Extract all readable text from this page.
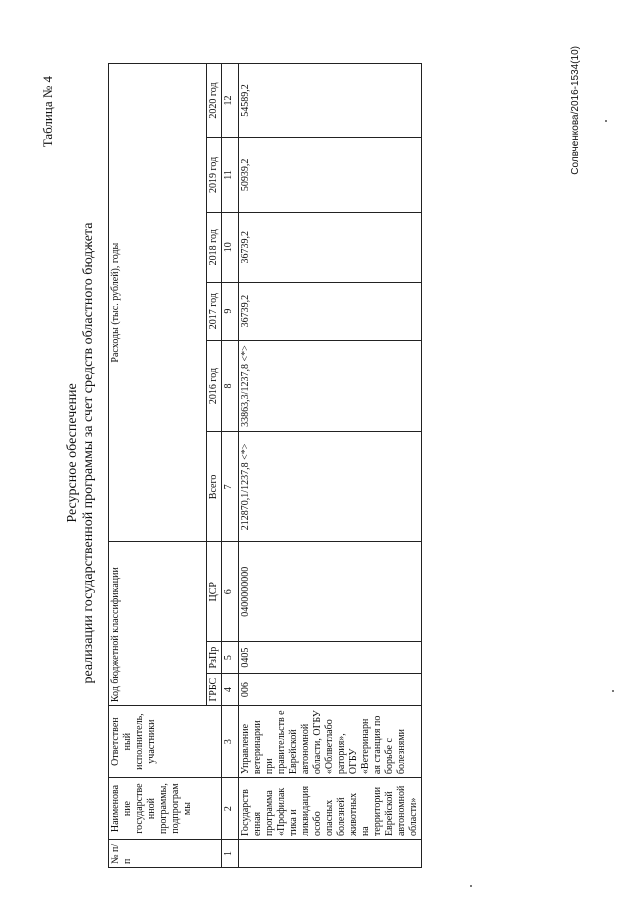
Таблица № 4
Ресурсное обеспечение реализации государственной программы за счет средств областного бюджета
№ п/п	Наименова ние государстве нной программы, подпрограм мы	Ответствен ный исполнитель, участники	Код бюджетной классификации			Расходы (тыс. рублей), годы					
			ГРБС	РзПр	ЦСР	Всего	2016 год	2017 год	2018 год	2019 год	2020 год
1	2	3	4	5	6	7	8	9	10	11	12
	Государств енная программа «Профилак тика и ликвидация особо опасных болезней животных на территории Еврейской автономной области»	Управление ветеринарии при правительств е Еврейской автономной области, ОГБУ «Облветлабо ратория», ОГБУ «Ветеринарн ая станция по борьбе с болезнями	006	0405	0400000000	212870,1/1237,8 <*>	33863,3/1237,8 <*>	36739,2	36739,2	50939,2	54589,2	Солвченкова/2016-1534(10)
